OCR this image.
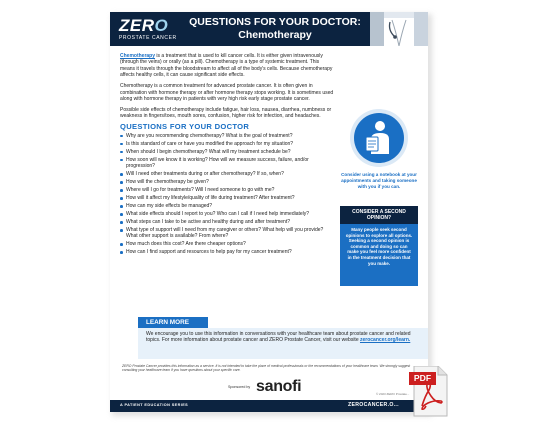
ZERO
PROSTATE CANCER
QUESTIONS FOR YOUR DOCTOR:
Chemotherapy

Chemotherapy is a treatment that is used to kill cancer cells. It is either given intravenously (through the veins) or orally (as a pill). Chemotherapy is a type of systemic treatment. This means it travels through the bloodstream to affect all of the body's cells. Because chemotherapy affects healthy cells, it can cause significant side effects.

Chemotherapy is a common treatment for advanced prostate cancer. It is often given in combination with hormone therapy or after hormone therapy stops working. It is sometimes used along with hormone therapy in patients with very high risk early stage prostate cancer.

Possible side effects of chemotherapy include fatigue, hair loss, nausea, diarrhea, numbness or weakness in fingers/toes, mouth sores, confusion, higher risk for infection, and headaches.

QUESTIONS FOR YOUR DOCTOR
Why are you recommending chemotherapy? What is the goal of treatment?
Is this standard of care or have you modified the approach for my situation?
When should I begin chemotherapy? What will my treatment schedule be?
How soon will we know it is working? How will we measure success, failure, and/or progression?
Will I need other treatments during or after chemotherapy? If so, when?
How will the chemotherapy be given?
Where will I go for treatments? Will I need someone to go with me?
How will it affect my lifestyle/quality of life during treatment? After treatment?
How can my side effects be managed?
What side effects should I report to you? Who can I call if I need help immediately?
What steps can I take to be active and healthy during and after treatment?
What type of support will I need from my caregiver or others? What help will you provide? What other support is available? From where?
How much does this cost? Are there cheaper options?
How can I find support and resources to help pay for my cancer treatment?
Consider using a notebook at your appointments and taking someone with you if you can.
CONSIDER A SECOND OPINION?
Many people seek second opinions to explore all options. Seeking a second opinion is common and doing so can make you feel more confident in the treatment decision that you make.
LEARN MORE
We encourage you to use this information in conversations with your healthcare team about prostate cancer and related topics. For more information about prostate cancer and ZERO Prostate Cancer, visit our website zerocancer.org/learn.
ZERO Prostate Cancer provides this information as a service. It is not intended to take the place of medical professionals or the recommendations of your healthcare team. We strongly suggest consulting your healthcare team if you have questions about your specific care.
Sponsored by sanofi	© 2023 ZERO Prostate...
A PATIENT EDUCATION SERIES	ZEROCANCER.O...
PDF
